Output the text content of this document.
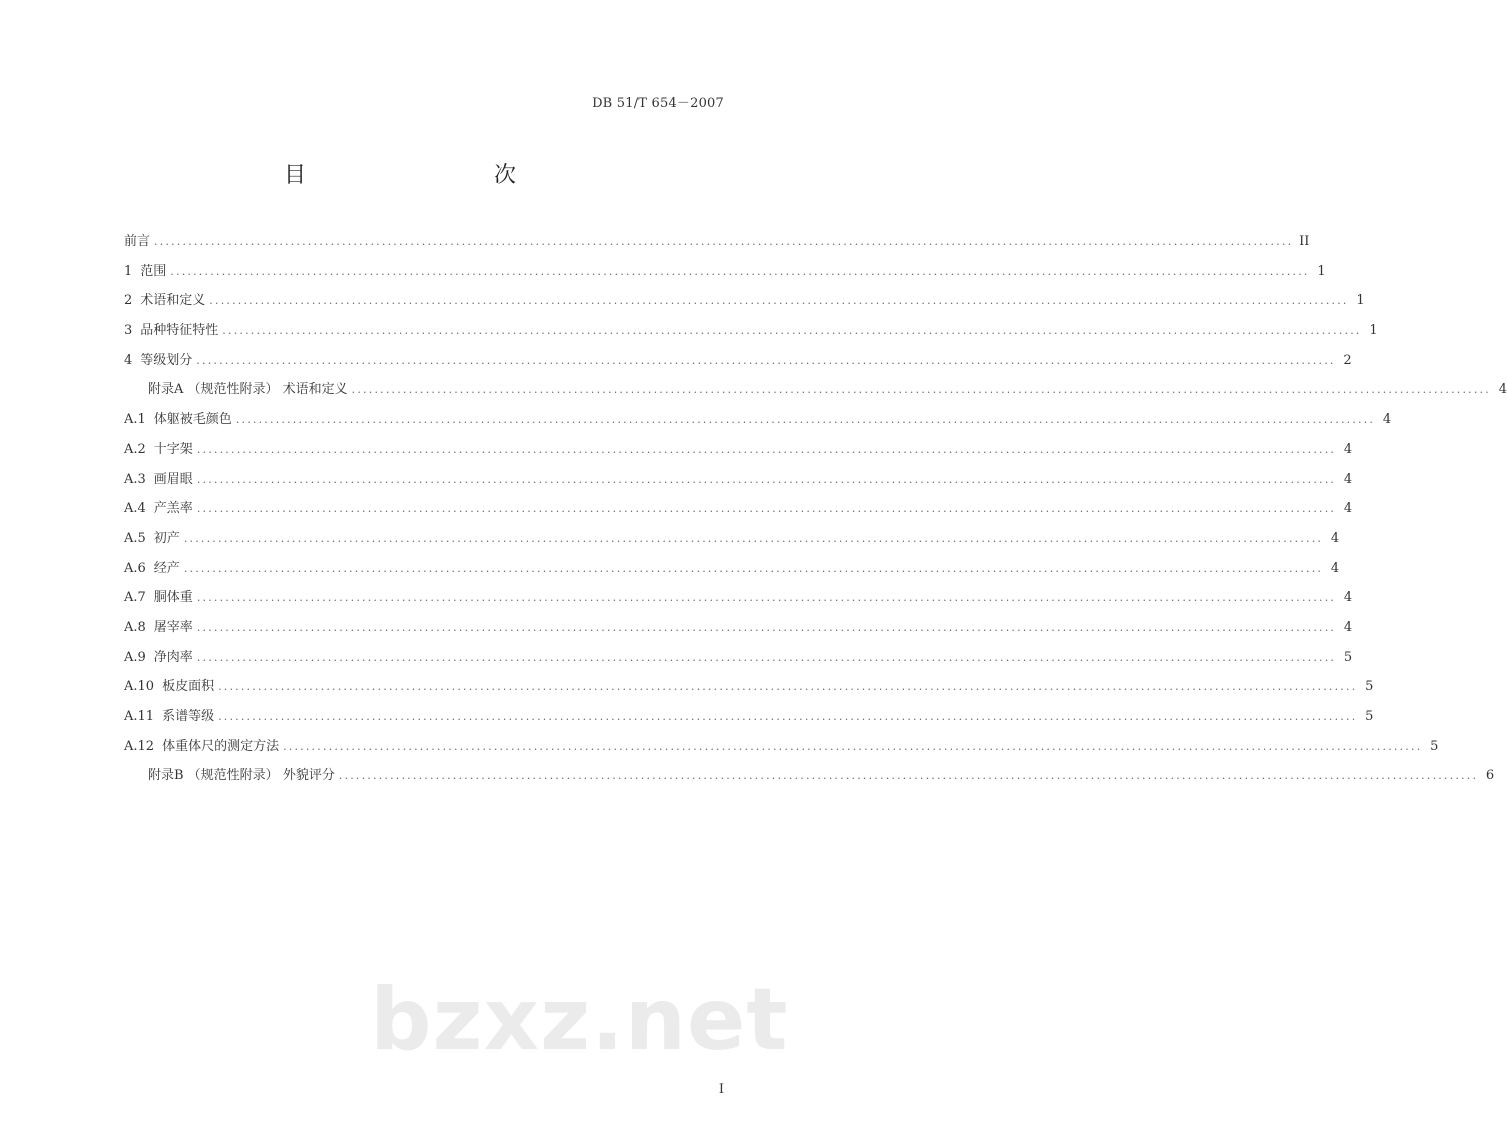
DB 51/T 654－2007
目　　次
前言 ........................................................................................................................................................................................................ II
1 范围 ........................................................................................................................................................................................................ 1
2 术语和定义 ........................................................................................................................................................................................................ 1
3 品种特征特性 ........................................................................................................................................................................................................ 1
4 等级划分 ........................................................................................................................................................................................................ 2
附录A （规范性附录） 术语和定义 ........................................................................................................................................................................................................ 4
A.1 体躯被毛颜色 ........................................................................................................................................................................................................ 4
A.2 十字架 ........................................................................................................................................................................................................ 4
A.3 画眉眼 ........................................................................................................................................................................................................ 4
A.4 产羔率 ........................................................................................................................................................................................................ 4
A.5 初产 ........................................................................................................................................................................................................ 4
A.6 经产 ........................................................................................................................................................................................................ 4
A.7 胴体重 ........................................................................................................................................................................................................ 4
A.8 屠宰率 ........................................................................................................................................................................................................ 4
A.9 净肉率 ........................................................................................................................................................................................................ 5
A.10 板皮面积 ........................................................................................................................................................................................................ 5
A.11 系谱等级 ........................................................................................................................................................................................................ 5
A.12 体重体尺的测定方法 ........................................................................................................................................................................................................ 5
附录B （规范性附录） 外貌评分 ........................................................................................................................................................................................................ 6
bzxz.net
I
